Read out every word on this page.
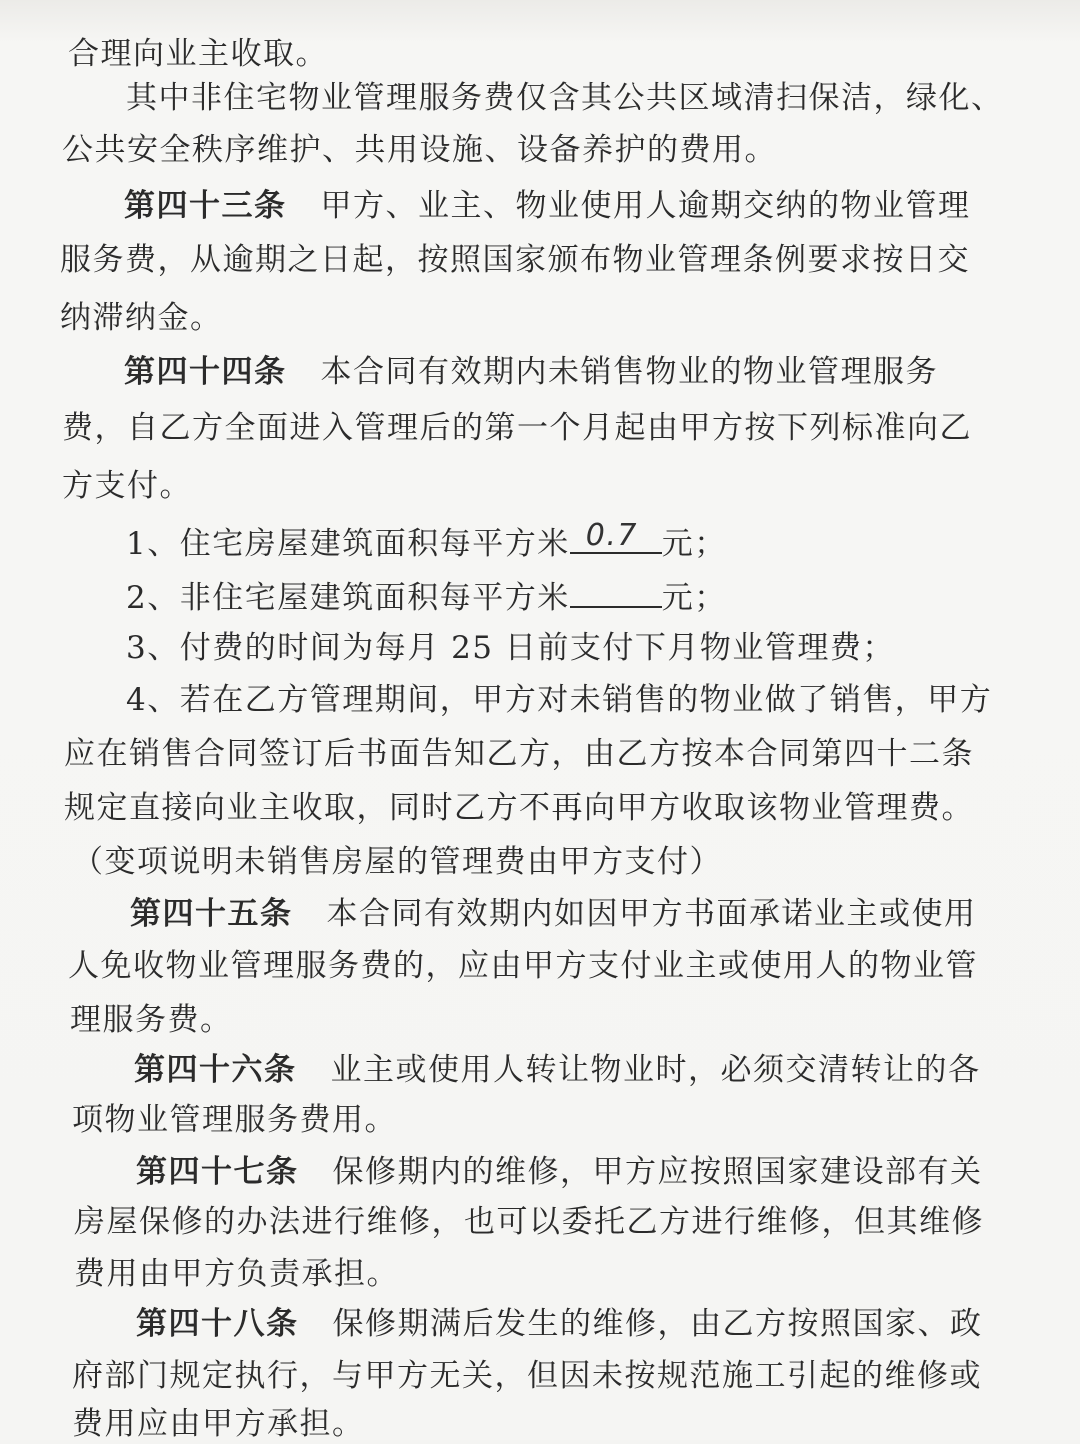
合理向业主收取。
其中非住宅物业管理服务费仅含其公共区域清扫保洁，绿化、
公共安全秩序维护、共用设施、设备养护的费用。
第四十三条 甲方、业主、物业使用人逾期交纳的物业管理
服务费，从逾期之日起，按照国家颁布物业管理条例要求按日交
纳滞纳金。
第四十四条 本合同有效期内未销售物业的物业管理服务
费，自乙方全面进入管理后的第一个月起由甲方按下列标准向乙
方支付。
1、住宅房屋建筑面积每平方米 0.7 元；
2、非住宅屋建筑面积每平方米	元；
3、付费的时间为每月 25 日前支付下月物业管理费；
4、若在乙方管理期间，甲方对未销售的物业做了销售，甲方
应在销售合同签订后书面告知乙方，由乙方按本合同第四十二条
规定直接向业主收取，同时乙方不再向甲方收取该物业管理费。
（变项说明未销售房屋的管理费由甲方支付）
第四十五条 本合同有效期内如因甲方书面承诺业主或使用
人免收物业管理服务费的，应由甲方支付业主或使用人的物业管
理服务费。
第四十六条 业主或使用人转让物业时，必须交清转让的各
项物业管理服务费用。
第四十七条 保修期内的维修，甲方应按照国家建设部有关
房屋保修的办法进行维修，也可以委托乙方进行维修，但其维修
费用由甲方负责承担。
第四十八条 保修期满后发生的维修，由乙方按照国家、政
府部门规定执行，与甲方无关，但因未按规范施工引起的维修或
费用应由甲方承担。
